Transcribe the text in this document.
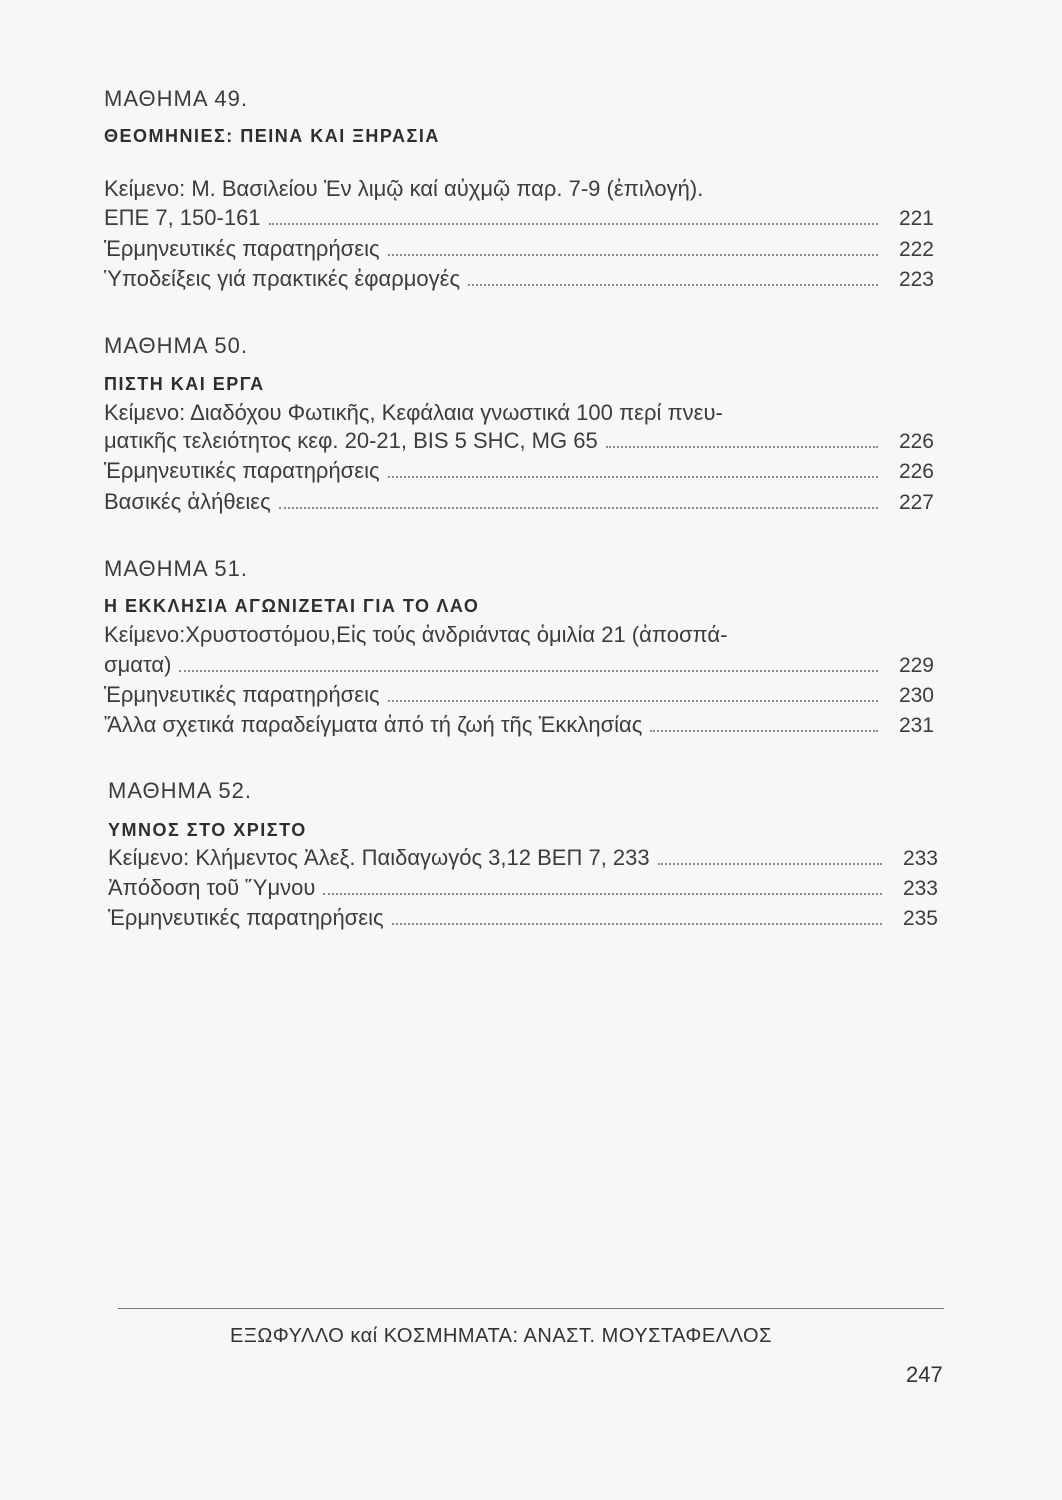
ΜΑΘΗΜΑ 49.
ΘΕΟΜΗΝΙΕΣ: ΠΕΙΝΑ ΚΑΙ ΞΗΡΑΣΙΑ
Κείμενο: Μ. Βασιλείου Ἐν λιμῷ καί αὐχμῷ παρ. 7-9 (ἐπιλογή).
ΕΠΕ 7, 150-161	221
Ἑρμηνευτικές παρατηρήσεις	222
Ὑποδείξεις γιά πρακτικές ἐφαρμογές	223
ΜΑΘΗΜΑ 50.
ΠΙΣΤΗ ΚΑΙ ΕΡΓΑ
Κείμενο: Διαδόχου Φωτικῆς, Κεφάλαια γνωστικά 100 περί πνευ-
ματικῆς τελειότητος κεφ. 20-21, BIS 5 SHC, MG 65	226
Ἑρμηνευτικές παρατηρήσεις	226
Βασικές ἀλήθειες	227
ΜΑΘΗΜΑ 51.
Η ΕΚΚΛΗΣΙΑ ΑΓΩΝΙΖΕΤΑΙ ΓΙΑ ΤΟ ΛΑΟ
Κείμενο:Χρυστοστόμου,Εἰς τούς ἀνδριάντας ὁμιλία 21 (ἀποσπά-
σματα)	229
Ἑρμηνευτικές παρατηρήσεις	230
Ἄλλα σχετικά παραδείγματα ἀπό τή ζωή τῆς Ἐκκλησίας	231
ΜΑΘΗΜΑ 52.
ΥΜΝΟΣ ΣΤΟ ΧΡΙΣΤΟ
Κείμενο: Κλήμεντος Ἀλεξ. Παιδαγωγός 3,12 ΒΕΠ 7, 233	233
Ἀπόδοση τοῦ Ὕμνου	233
Ἑρμηνευτικές παρατηρήσεις	235
ΕΞΩΦΥΛΛΟ καί ΚΟΣΜΗΜΑΤΑ: ΑΝΑΣΤ. ΜΟΥΣΤΑΦΕΛΛΟΣ
247
